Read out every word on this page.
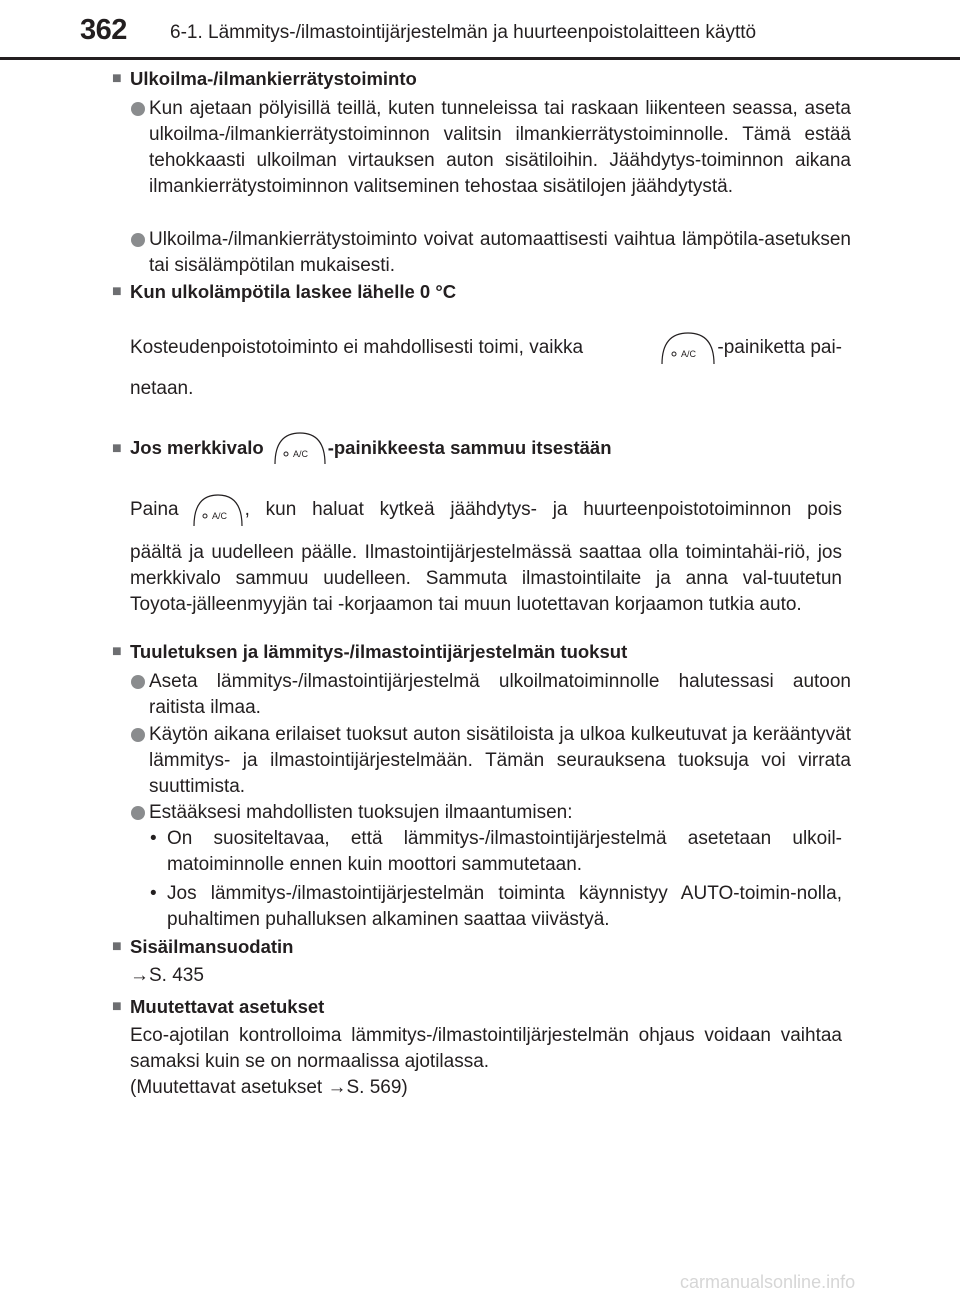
362 6-1. Lämmitys-/ilmastointijärjestelmän ja huurteenpoistolaitteen käyttö
■ Ulkoilma-/ilmankierrätystoiminto
Kun ajetaan pölyisillä teillä, kuten tunneleissa tai raskaan liikenteen seassa, aseta ulkoilma-/ilmankierrätystoiminnon valitsin ilmankierrätystoiminnolle. Tämä estää tehokkaasti ulkoilman virtauksen auton sisätiloihin. Jäähdytys-toiminnon aikana ilmankierrätystoiminnon valitseminen tehostaa sisätilojen jäähdytystä.
Ulkoilma-/ilmankierrätystoiminto voivat automaattisesti vaihtua lämpötila-asetuksen tai sisälämpötilan mukaisesti.
■ Kun ulkolämpötila laskee lähelle 0 °C
Kosteudenpoistotoiminto ei mahdollisesti toimi, vaikka	A/C -painiketta pai-
netaan.
■ Jos merkkivalo	A/C -painikkeesta sammuu itsestään
Paina	A/C , kun haluat kytkeä jäähdytys- ja huurteenpoistotoiminnon pois
päältä ja uudelleen päälle. Ilmastointijärjestelmässä saattaa olla toimintahäi-riö, jos merkkivalo sammuu uudelleen. Sammuta ilmastointilaite ja anna val-tuutetun Toyota-jälleenmyyjän tai -korjaamon tai muun luotettavan korjaamon tutkia auto.
■ Tuuletuksen ja lämmitys-/ilmastointijärjestelmän tuoksut
Aseta lämmitys-/ilmastointijärjestelmä ulkoilmatoiminnolle halutessasi autoon raitista ilmaa.
Käytön aikana erilaiset tuoksut auton sisätiloista ja ulkoa kulkeutuvat ja kerääntyvät lämmitys- ja ilmastointijärjestelmään. Tämän seurauksena tuoksuja voi virrata suuttimista.
Estääksesi mahdollisten tuoksujen ilmaantumisen:
• On suositeltavaa, että lämmitys-/ilmastointijärjestelmä asetetaan ulkoil-matoiminnolle ennen kuin moottori sammutetaan.
• Jos lämmitys-/ilmastointijärjestelmän toiminta käynnistyy AUTO-toimin-nolla, puhaltimen puhalluksen alkaminen saattaa viivästyä.
■ Sisäilmansuodatin
→S. 435
■ Muutettavat asetukset
Eco-ajotilan kontrolloima lämmitys-/ilmastointiljärjestelmän ohjaus voidaan vaihtaa samaksi kuin se on normaalissa ajotilassa.
(Muutettavat asetukset →S. 569)
carmanualsonline.info
